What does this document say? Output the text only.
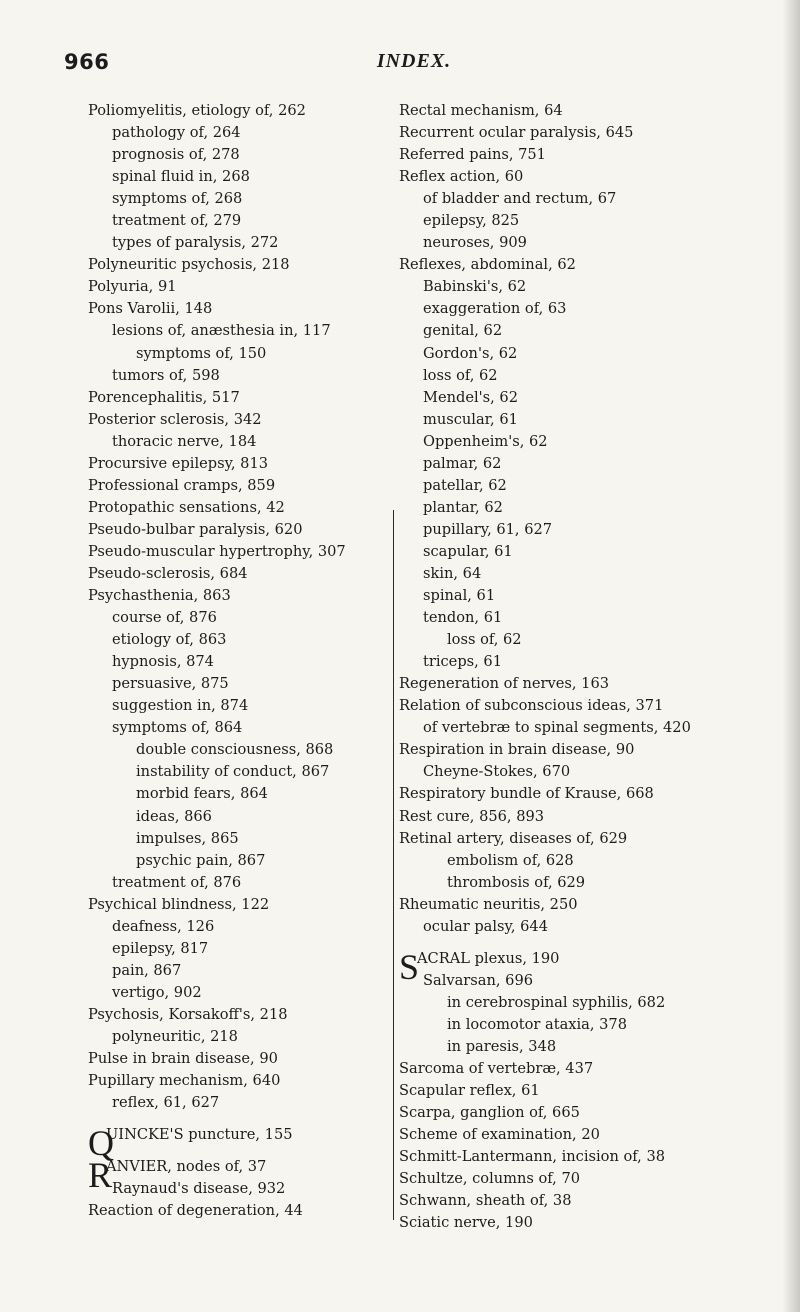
966	INDEX.
Poliomyelitis, etiology of, 262
pathology of, 264
prognosis of, 278
spinal fluid in, 268
symptoms of, 268
treatment of, 279
types of paralysis, 272
Polyneuritic psychosis, 218
Polyuria, 91
Pons Varolii, 148
lesions of, anæsthesia in, 117
symptoms of, 150
tumors of, 598
Porencephalitis, 517
Posterior sclerosis, 342
thoracic nerve, 184
Procursive epilepsy, 813
Professional cramps, 859
Protopathic sensations, 42
Pseudo-bulbar paralysis, 620
Pseudo-muscular hypertrophy, 307
Pseudo-sclerosis, 684
Psychasthenia, 863
course of, 876
etiology of, 863
hypnosis, 874
persuasive, 875
suggestion in, 874
symptoms of, 864
double consciousness, 868
instability of conduct, 867
morbid fears, 864
ideas, 866
impulses, 865
psychic pain, 867
treatment of, 876
Psychical blindness, 122
deafness, 126
epilepsy, 817
pain, 867
vertigo, 902
Psychosis, Korsakoff's, 218
polyneuritic, 218
Pulse in brain disease, 90
Pupillary mechanism, 640
reflex, 61, 627
Q
UINCKE'S puncture, 155
R
ANVIER, nodes of, 37
Raynaud's disease, 932
Reaction of degeneration, 44
Rectal mechanism, 64
Recurrent ocular paralysis, 645
Referred pains, 751
Reflex action, 60
of bladder and rectum, 67
epilepsy, 825
neuroses, 909
Reflexes, abdominal, 62
Babinski's, 62
exaggeration of, 63
genital, 62
Gordon's, 62
loss of, 62
Mendel's, 62
muscular, 61
Oppenheim's, 62
palmar, 62
patellar, 62
plantar, 62
pupillary, 61, 627
scapular, 61
skin, 64
spinal, 61
tendon, 61
loss of, 62
triceps, 61
Regeneration of nerves, 163
Relation of subconscious ideas, 371
of vertebræ to spinal segments, 420
Respiration in brain disease, 90
Cheyne-Stokes, 670
Respiratory bundle of Krause, 668
Rest cure, 856, 893
Retinal artery, diseases of, 629
embolism of, 628
thrombosis of, 629
Rheumatic neuritis, 250
ocular palsy, 644
S
ACRAL plexus, 190
Salvarsan, 696
in cerebrospinal syphilis, 682
in locomotor ataxia, 378
in paresis, 348
Sarcoma of vertebræ, 437
Scapular reflex, 61
Scarpa, ganglion of, 665
Scheme of examination, 20
Schmitt-Lantermann, incision of, 38
Schultze, columns of, 70
Schwann, sheath of, 38
Sciatic nerve, 190
